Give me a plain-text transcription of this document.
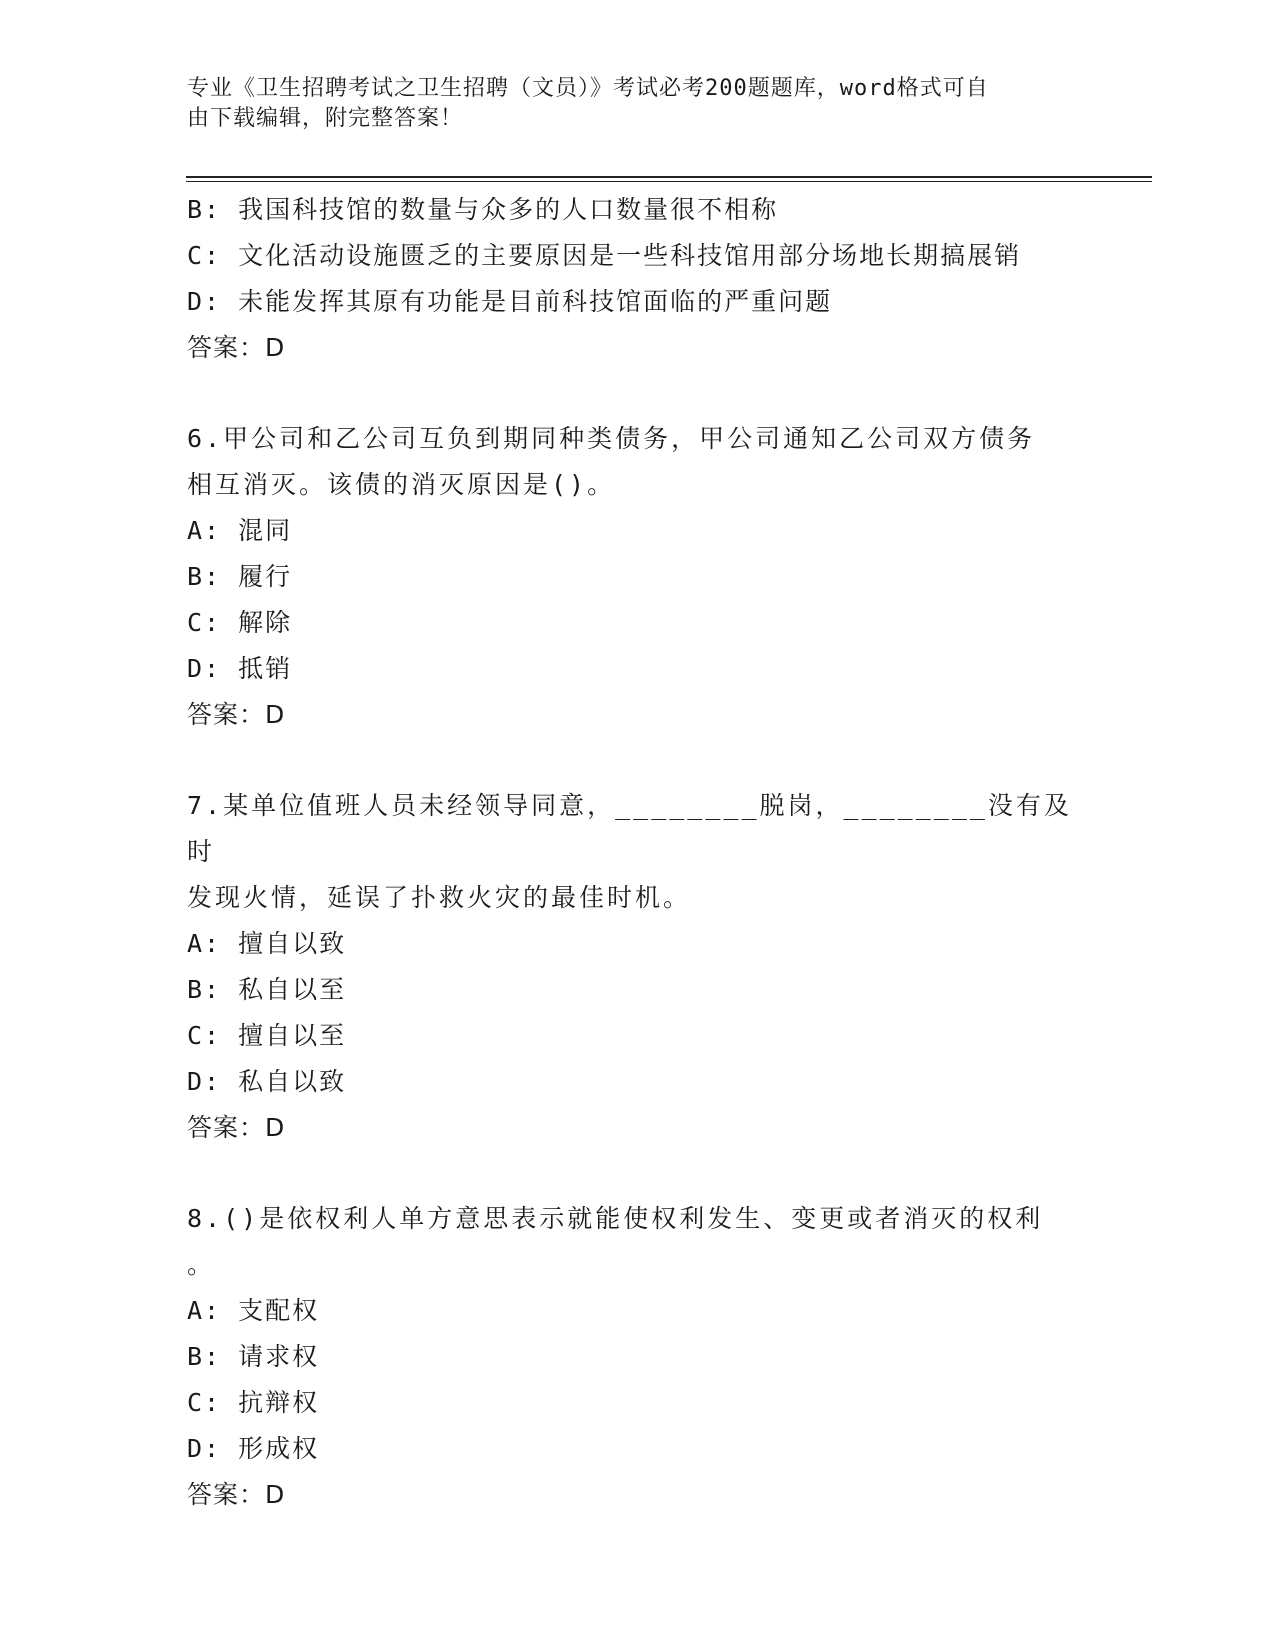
专业《卫生招聘考试之卫生招聘（文员）》考试必考200题题库，word格式可自
由下载编辑，附完整答案！
B: 我国科技馆的数量与众多的人口数量很不相称
C: 文化活动设施匮乏的主要原因是一些科技馆用部分场地长期搞展销
D: 未能发挥其原有功能是目前科技馆面临的严重问题
答案：D
6.甲公司和乙公司互负到期同种类债务，甲公司通知乙公司双方债务
相互消灭。该债的消灭原因是()。
A: 混同
B: 履行
C: 解除
D: 抵销
答案：D
7.某单位值班人员未经领导同意，________脱岗，________没有及时
发现火情，延误了扑救火灾的最佳时机。
A: 擅自以致
B: 私自以至
C: 擅自以至
D: 私自以致
答案：D
8.()是依权利人单方意思表示就能使权利发生、变更或者消灭的权利
。
A: 支配权
B: 请求权
C: 抗辩权
D: 形成权
答案：D
